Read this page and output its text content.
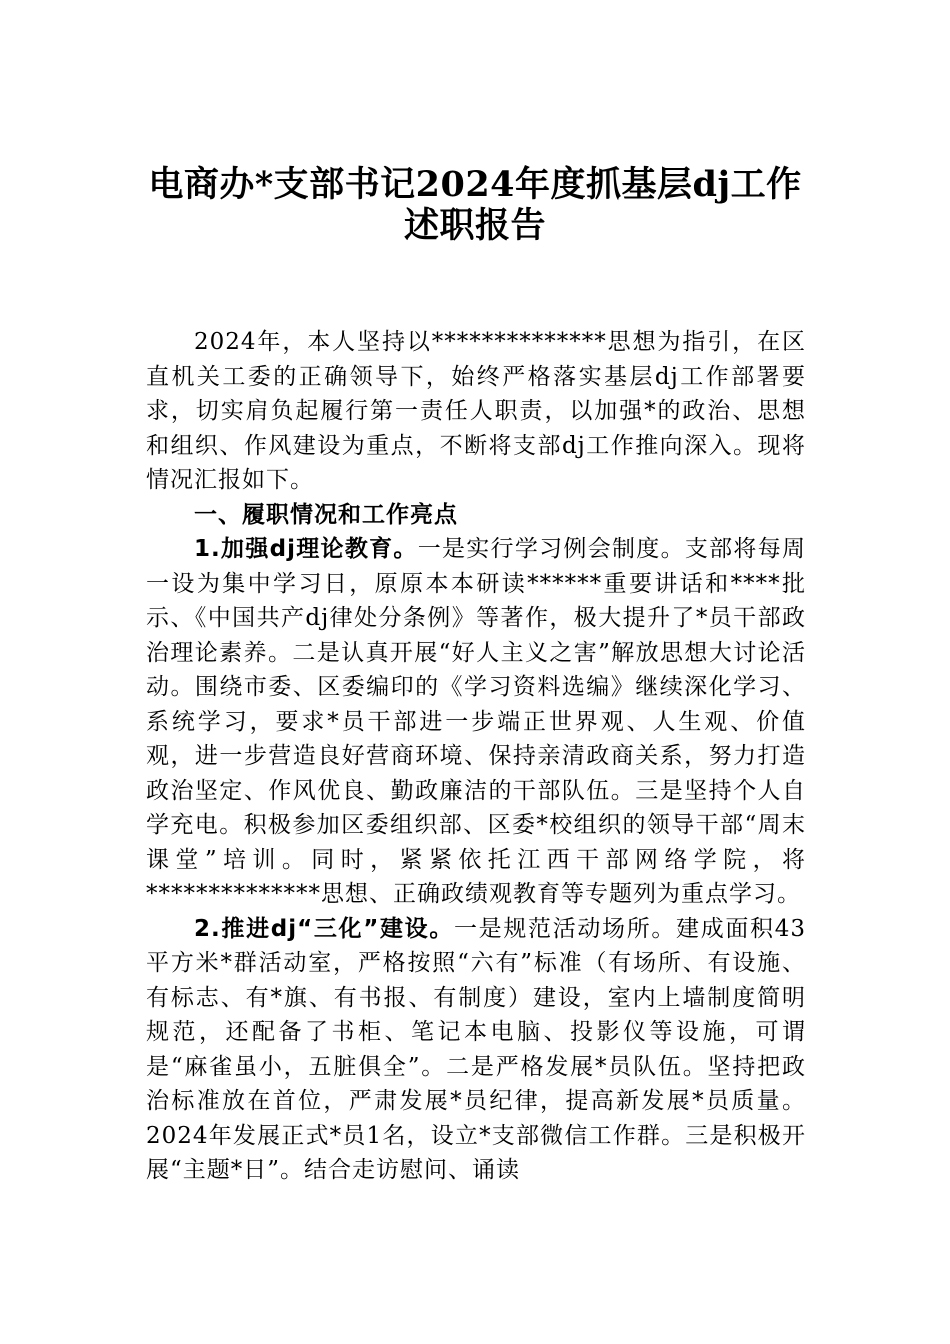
电商办*支部书记2024年度抓基层dj工作
述职报告

2024年，本人坚持以**************思想为指引，在区直机关工委的正确领导下，始终严格落实基层dj工作部署要求，切实肩负起履行第一责任人职责，以加强*的政治、思想和组织、作风建设为重点，不断将支部dj工作推向深入。现将情况汇报如下。

一、履职情况和工作亮点

1.加强dj理论教育。一是实行学习例会制度。支部将每周一设为集中学习日，原原本本研读******重要讲话和****批示、《中国共产dj律处分条例》等著作，极大提升了*员干部政治理论素养。二是认真开展“好人主义之害”解放思想大讨论活动。围绕市委、区委编印的《学习资料选编》继续深化学习、系统学习，要求*员干部进一步端正世界观、人生观、价值观，进一步营造良好营商环境、保持亲清政商关系，努力打造政治坚定、作风优良、勤政廉洁的干部队伍。三是坚持个人自学充电。积极参加区委组织部、区委*校组织的领导干部“周末课堂”培训。同时，紧紧依托江西干部网络学院，将**************思想、正确政绩观教育等专题列为重点学习。

2.推进dj“三化”建设。一是规范活动场所。建成面积43平方米*群活动室，严格按照“六有”标准（有场所、有设施、有标志、有*旗、有书报、有制度）建设，室内上墙制度简明规范，还配备了书柜、笔记本电脑、投影仪等设施，可谓是“麻雀虽小，五脏俱全”。二是严格发展*员队伍。坚持把政治标准放在首位，严肃发展*员纪律，提高新发展*员质量。2024年发展正式*员1名，设立*支部微信工作群。三是积极开展“主题*日”。结合走访慰问、诵读
